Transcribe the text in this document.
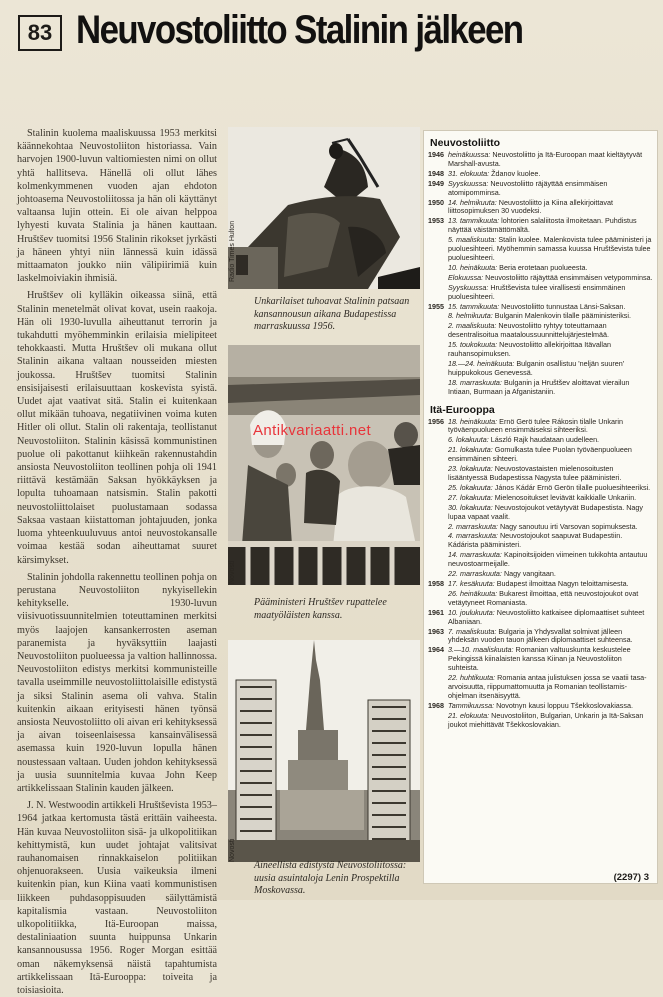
83 Neuvostoliitto Stalinin jälkeen

Stalinin kuolema maaliskuussa 1953 merkitsi käännekohtaa Neuvostoliiton historiassa. Vain harvojen 1900-luvun valtiomiesten nimi on ollut yhtä hallitseva. Hänellä oli ollut lähes kolmenkymmenen vuoden ajan ehdoton johtoasema Neuvostoliitossa ja hän oli käyttänyt valtaansa lujin ottein. Ei ole aivan helppoa lyhyesti kuvata Stalinia ja hänen kauttaan. Hruštšev tuomitsi 1956 Stalinin rikokset jyrkästi ja häneen yhtyi niin lännessä kuin idässä mittaamaton joukko niin välipiirimiä kuin laskelmoiviakin ihmisiä.

Hruštšev oli kylläkin oikeassa siinä, että Stalinin menetelmät olivat kovat, usein raakoja. Hän oli 1930-luvulla aiheuttanut terrorin ja tukahdutti myöhemminkin erilaisia mielipiteet tehokkaasti. Mutta Hruštšev oli mukana ollut Stalinin aikana valtaan nousseiden miesten joukossa. Hruštšev tuomitsi Stalinin ensisijaisesti erilaisuuttaan koskevista syistä. Uudet ajat vaativat sitä. Stalin ei kuitenkaan ollut mikään tuhoava, negatiivinen voima kuten Hitler oli ollut. Stalin oli rakentaja, teollistanut Neuvostoliiton. Stalinin käsissä kommunistinen puolue oli pakottanut kiihkeän rakennustahdin ansiosta Neuvostoliiton teollinen pohja oli 1941 riittävä kestämään Saksan hyökkäyksen ja lopulta tuhoamaan natsismin. Stalin pakotti neuvostoliittolaiset puolustamaan sodassa Saksaa vastaan kiistattoman johtajuuden, jonka luoma yhteenkuuluvuus antoi neuvostokansalle voimaa kestää sodan aiheuttamat suuret kärsimykset.

Stalinin johdolla rakennettu teollinen pohja on perustana Neuvostoliiton nykyisellekin kehitykselle. 1930-luvun viisivuotissuunnitelmien toteuttaminen merkitsi myös laajojen kansankerrosten aseman paranemista ja hyväksyttiin laajasti Neuvostoliiton puolueessa ja valtion hallinnossa. Neuvostoliiton edistys merkitsi kommunisteille tavalla useimmille neuvostoliittolaisille edistystä ja siksi Stalinin asema oli vahva. Stalin kuitenkin aikaan erityisesti hänen työnsä ansiosta Neuvostoliitto oli aivan eri kehityksessä ja aivan toiseenlaisessa kansainvälisessä asemassa kuin 1920-luvun lopulla hänen noustessaan valtaan. Uuden johdon kehityksessä ja uusia suunnitelmia kuvaa John Keep artikkelissaan Stalinin kauden jälkeen.

J. N. Westwoodin artikkeli Hruštševista 1953–1964 jatkaa kertomusta tästä erittäin vaiheesta. Hän kuvaa Neuvostoliiton sisä- ja ulkopolitiikan kehittymistä, kun uudet johtajat valitsivat rauhanomaisen rinnakkaiselon politiikan ohjenuorakseen. Uusia vaikeuksia ilmeni kuitenkin pian, kun Kiina vaati kommunistisen liikkeen puhdasoppisuuden säilyttämistä kapitalismia vastaan. Neuvostoliiton ulkopolitiikka, Itä-Euroopan maissa, destaliniaation suunta huippunsa Unkarin kansannousussa 1956. Roger Morgan esittää oman näkemyksensä näistä tapahtumista artikkelissaan Itä-Eurooppa: toiveita ja toisiasioita.

Radio Times Hulton
Unkarilaiset tuhoavat Stalinin patsaan kansannousun aikana Budapestissa marraskuussa 1956.
Novosti
Pääministeri Hruštšev rupattelee maatyöläisten kanssa.
Novosti
Aineellista edistystä Neuvostoliitossa: uusia asuintaloja Lenin Prospektilla Moskovassa.
Antikvariaatti.net
Neuvostoliitto
1946 heinäkuussa: Neuvostoliitto ja Itä-Euroopan maat kieltäytyvät Marshall-avusta.
1948 31. elokuuta: Ždanov kuolee.
1949 Syyskuussa: Neuvostoliitto räjäyttää ensimmäisen atomipomminsa.
1950 14. helmikuuta: Neuvostoliitto ja Kiina allekirjoittavat liittosopimuksen 30 vuodeksi.
1953 13. tammikuuta: lohtorien salaliitosta ilmoitetaan. Puhdistus näyttää väistämättömältä.
5. maaliskuuta: Stalin kuolee. Malenkovista tulee pääministeri ja puoluesihteeri. Myöhemmin samassa kuussa Hruštševista tulee puoluesihteeri.
10. heinäkuuta: Beria erotetaan puolueesta.
Elokuussa: Neuvostoliitto räjäyttää ensimmäisen vetypomminsa.
Syyskuussa: Hruštševista tulee virallisesti ensimmäinen puoluesihteeri.
1955 15. tammikuuta: Neuvostoliitto tunnustaa Länsi-Saksan.
8. helmikuuta: Bulganin Malenkovin tilalle pääministeriksi.
2. maaliskuuta: Neuvostoliitto ryhtyy toteuttamaan desentralisoitua maataloussuunnittelujärjestelmää.
15. toukokuuta: Neuvostoliitto allekirjoittaa Itävallan rauhansopimuksen.
18.—24. heinäkuuta: Bulganin osallistuu 'neljän suuren' huippukokous Genevessä.
18. marraskuuta: Bulganin ja Hruštšev aloittavat vierailun Intiaan, Burmaan ja Afganistaniin.
Itä-Eurooppa
1956 18. heinäkuuta: Ernö Gerö tulee Rákosin tilalle Unkarin työväenpuolueen ensimmäiseksi sihteeriksi.
6. lokakuuta: László Rajk haudataan uudelleen.
21. lokakuuta: Gomulkasta tulee Puolan työväenpuolueen ensimmäinen sihteeri.
23. lokakuuta: Neuvostovastaisten mielenosoitusten lisääntyessä Budapestissa Nagysta tulee pääministeri.
25. lokakuuta: János Kádár Ernö Gerön tilalle puoluesihteeriksi.
27. lokakuuta: Mielenosoitukset leviävät kaikkialle Unkariin.
30. lokakuuta: Neuvostojoukot vetäytyvät Budapestista. Nagy lupaa vapaat vaalit.
2. marraskuuta: Nagy sanoutuu irti Varsovan sopimuksesta.
4. marraskuuta: Neuvostojoukot saapuvat Budapestiin. Kádárista pääministeri.
14. marraskuuta: Kapinoitsijoiden viimeinen tukikohta antautuu neuvostoarmeijalle.
22. marraskuuta: Nagy vangitaan.
1958 17. kesäkuuta: Budapest ilmoittaa Nagyn teloittamisesta.
26. heinäkuuta: Bukarest ilmoittaa, että neuvostojoukot ovat vetäytyneet Romaniasta.
1961 10. joulukuuta: Neuvostoliitto katkaisee diplomaattiset suhteet Albaniaan.
1963 7. maaliskuuta: Bulgaria ja Yhdysvallat solmivat jälleen yhdeksän vuoden tauon jälkeen diplomaattiset suhteensa.
1964 3.—10. maaliskuuta: Romanian valtuuskunta keskustelee Pekingissä kiinalaisten kanssa Kiinan ja Neuvostoliiton suhteista.
22. huhtikuuta: Romania antaa julistuksen jossa se vaatii tasa-arvoisuutta, riippumattomuutta ja Romanian teollistamis-ohjelman itsenäisyyttä.
1968 Tammikuussa: Novotnyn kausi loppuu Tšekkoslovakiassa.
21. elokuuta: Neuvostoliiton, Bulgarian, Unkarin ja Itä-Saksan joukot miehittävät Tšekkoslovakian.
(2297) 3
